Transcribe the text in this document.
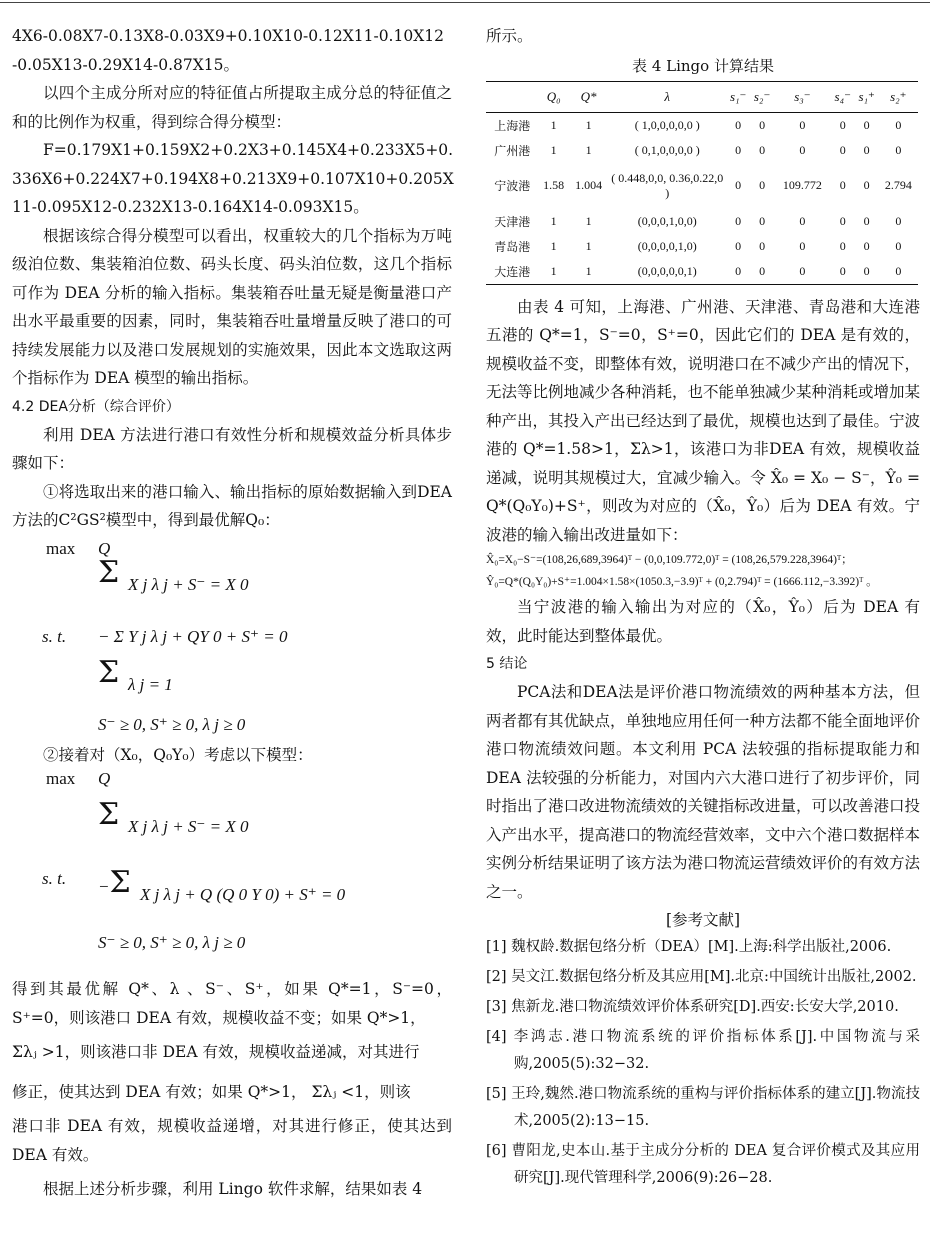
4X6-0.08X7-0.13X8-0.03X9+0.10X10-0.12X11-0.10X12

-0.05X13-0.29X14-0.87X15。

以四个主成分所对应的特征值占所提取主成分总的特征值之和的比例作为权重，得到综合得分模型：

F=0.179X1+0.159X2+0.2X3+0.145X4+0.233X5+0.

336X6+0.224X7+0.194X8+0.213X9+0.107X10+0.205X

11-0.095X12-0.232X13-0.164X14-0.093X15。

根据该综合得分模型可以看出，权重较大的几个指标为万吨级泊位数、集装箱泊位数、码头长度、码头泊位数，这几个指标可作为 DEA 分析的输入指标。集装箱吞吐量无疑是衡量港口产出水平最重要的因素，同时，集装箱吞吐量增量反映了港口的可持续发展能力以及港口发展规划的实施效果，因此本文选取这两个指标作为 DEA 模型的输出指标。

4.2 DEA分析（综合评价）

利用 DEA 方法进行港口有效性分析和规模效益分析具体步骤如下：

①将选取出来的港口输入、输出指标的原始数据输入到DEA方法的C²GS²模型中，得到最优解Q₀：

max Q
Σ X j λ j + S⁻ = X 0
s. t. − Σ Y j λ j + QY 0 + S⁺ = 0
Σ λ j = 1
S⁻ ≥ 0, S⁺ ≥ 0, λ j ≥ 0

②接着对（X₀，Q₀Y₀）考虑以下模型：

max Q
Σ X j λ j + S⁻ = X 0
s. t. −Σ X j λ j + Q (Q 0 Y 0) + S⁺ = 0
S⁻ ≥ 0, S⁺ ≥ 0, λ j ≥ 0

得到其最优解 Q*、λ 、S⁻、S⁺，如果 Q*=1，S⁻=0，S⁺=0，则该港口 DEA 有效，规模收益不变；如果 Q*>1，

Σλⱼ >1，则该港口非 DEA 有效，规模收益递减，对其进行

修正，使其达到 DEA 有效；如果 Q*>1， Σλⱼ <1，则该

港口非 DEA 有效，规模收益递增，对其进行修正，使其达到 DEA 有效。

根据上述分析步骤，利用 Lingo 软件求解，结果如表 4

所示。

表 4 Lingo 计算结果
	Q₀	Q*	λ	s₁⁻	s₂⁻	s₃⁻	s₄⁻	s₁⁺	s₂⁺
上海港	1	1	( 1,0,0,0,0,0 )	0	0	0	0	0	0
广州港	1	1	( 0,1,0,0,0,0 )	0	0	0	0	0	0
宁波港	1.58	1.004	( 0.448,0,0, 0.36,0.22,0 )	0	0	109.772	0	0	2.794
天津港	1	1	(0,0,0,1,0,0)	0	0	0	0	0	0
青岛港	1	1	(0,0,0,0,1,0)	0	0	0	0	0	0
大连港	1	1	(0,0,0,0,0,1)	0	0	0	0	0	0

由表 4 可知，上海港、广州港、天津港、青岛港和大连港五港的 Q*=1，S⁻=0，S⁺=0，因此它们的 DEA 是有效的，规模收益不变，即整体有效，说明港口在不减少产出的情况下，无法等比例地减少各种消耗，也不能单独减少某种消耗或增加某种产出，其投入产出已经达到了最优，规模也达到了最佳。宁波港的 Q*=1.58>1，Σλ>1，该港口为非DEA 有效，规模收益递减，说明其规模过大，宜减少输入。令 X̂₀ = X₀ − S⁻，Ŷ₀ = Q*(Q₀Y₀)+S⁺，则改为对应的（X̂₀，Ŷ₀）后为 DEA 有效。宁波港的输入输出改进量如下：

X̂₀=X₀−S⁻=(108,26,689,3964)ᵀ − (0,0,109.772,0)ᵀ = (108,26,579.228,3964)ᵀ；
Ŷ₀=Q*(Q₀Y₀)+S⁺=1.004×1.58×(1050.3,−3.9)ᵀ + (0,2.794)ᵀ = (1666.112,−3.392)ᵀ 。

当宁波港的输入输出为对应的（X̂₀，Ŷ₀）后为 DEA 有效，此时能达到整体最优。

5 结论

PCA法和DEA法是评价港口物流绩效的两种基本方法，但两者都有其优缺点，单独地应用任何一种方法都不能全面地评价港口物流绩效问题。本文利用 PCA 法较强的指标提取能力和 DEA 法较强的分析能力，对国内六大港口进行了初步评价，同时指出了港口改进物流绩效的关键指标改进量，可以改善港口投入产出水平，提高港口的物流经营效率，文中六个港口数据样本实例分析结果证明了该方法为港口物流运营绩效评价的有效方法之一。

[参考文献]
[1] 魏权龄.数据包络分析（DEA）[M].上海:科学出版社,2006.
[2] 吴文江.数据包络分析及其应用[M].北京:中国统计出版社,2002.
[3] 焦新龙.港口物流绩效评价体系研究[D].西安:长安大学,2010.
[4] 李鸿志.港口物流系统的评价指标体系[J].中国物流与采购,2005(5):32−32.
[5] 王玲,魏然.港口物流系统的重构与评价指标体系的建立[J].物流技术,2005(2):13−15.
[6] 曹阳龙,史本山.基于主成分分析的 DEA 复合评价模式及其应用研究[J].现代管理科学,2006(9):26−28.
